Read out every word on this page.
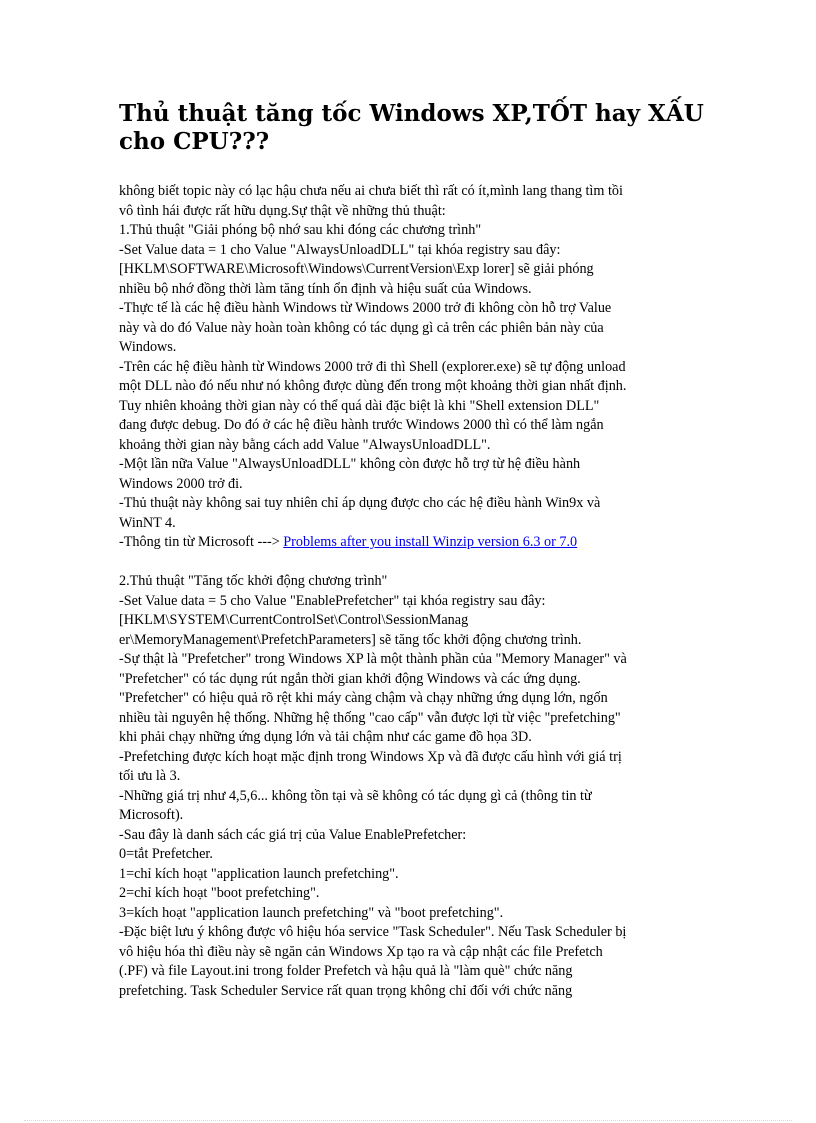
Thủ thuật tăng tốc Windows XP,TỐT hay XẤU cho CPU???
không biết topic này có lạc hậu chưa nếu ai chưa biết thì rất có ít,mình lang thang tìm tồi
vô tình hái được rất hữu dụng.Sự thật về những thủ thuật:
1.Thủ thuật "Giải phóng bộ nhớ sau khi đóng các chương trình"
-Set Value data = 1 cho Value "AlwaysUnloadDLL" tại khóa registry sau đây:
[HKLM\SOFTWARE\Microsoft\Windows\CurrentVersion\Exp lorer] sẽ giải phóng
nhiều bộ nhớ đồng thời làm tăng tính ổn định và hiệu suất của Windows.
-Thực tế là các hệ điều hành Windows từ Windows 2000 trở đi không còn hỗ trợ Value
này và do đó Value này hoàn toàn không có tác dụng gì cả trên các phiên bản này của
Windows.
-Trên các hệ điều hành từ Windows 2000 trở đi thì Shell (explorer.exe) sẽ tự động unload
một DLL nào đó nếu như nó không được dùng đến trong một khoảng thời gian nhất định.
Tuy nhiên khoảng thời gian này có thể quá dài đặc biệt là khi "Shell extension DLL"
đang được debug. Do đó ở các hệ điều hành trước Windows 2000 thì có thể làm ngắn
khoảng thời gian này bằng cách add Value "AlwaysUnloadDLL".
-Một lần nữa Value "AlwaysUnloadDLL" không còn được hỗ trợ từ hệ điều hành
Windows 2000 trở đi.
-Thủ thuật này không sai tuy nhiên chỉ áp dụng được cho các hệ điều hành Win9x và
WinNT 4.
-Thông tin từ Microsoft ---> Problems after you install Winzip version 6.3 or 7.0
2.Thủ thuật "Tăng tốc khởi động chương trình"
-Set Value data = 5 cho Value "EnablePrefetcher" tại khóa registry sau đây:
[HKLM\SYSTEM\CurrentControlSet\Control\SessionManag
er\MemoryManagement\PrefetchParameters] sẽ tăng tốc khởi động chương trình.
-Sự thật là "Prefetcher" trong Windows XP là một thành phần của "Memory Manager" và
"Prefetcher" có tác dụng rút ngắn thời gian khởi động Windows và các ứng dụng.
"Prefetcher" có hiệu quả rõ rệt khi máy càng chậm và chạy những ứng dụng lớn, ngốn
nhiều tài nguyên hệ thống. Những hệ thống "cao cấp" vẫn được lợi từ việc "prefetching"
khi phải chạy những ứng dụng lớn và tải chậm như các game đồ họa 3D.
-Prefetching được kích hoạt mặc định trong Windows Xp và đã được cấu hình với giá trị
tối ưu là 3.
-Những giá trị như 4,5,6... không tồn tại và sẽ không có tác dụng gì cả (thông tin từ
Microsoft).
-Sau đây là danh sách các giá trị của Value EnablePrefetcher:
0=tắt Prefetcher.
1=chỉ kích hoạt "application launch prefetching".
2=chỉ kích hoạt "boot prefetching".
3=kích hoạt "application launch prefetching" và "boot prefetching".
-Đặc biệt lưu ý không được vô hiệu hóa service "Task Scheduler". Nếu Task Scheduler bị
vô hiệu hóa thì điều này sẽ ngăn cản Windows Xp tạo ra và cập nhật các file Prefetch
(.PF) và file Layout.ini trong folder Prefetch và hậu quả là "làm què" chức năng
prefetching. Task Scheduler Service rất quan trọng không chỉ đối với chức năng
